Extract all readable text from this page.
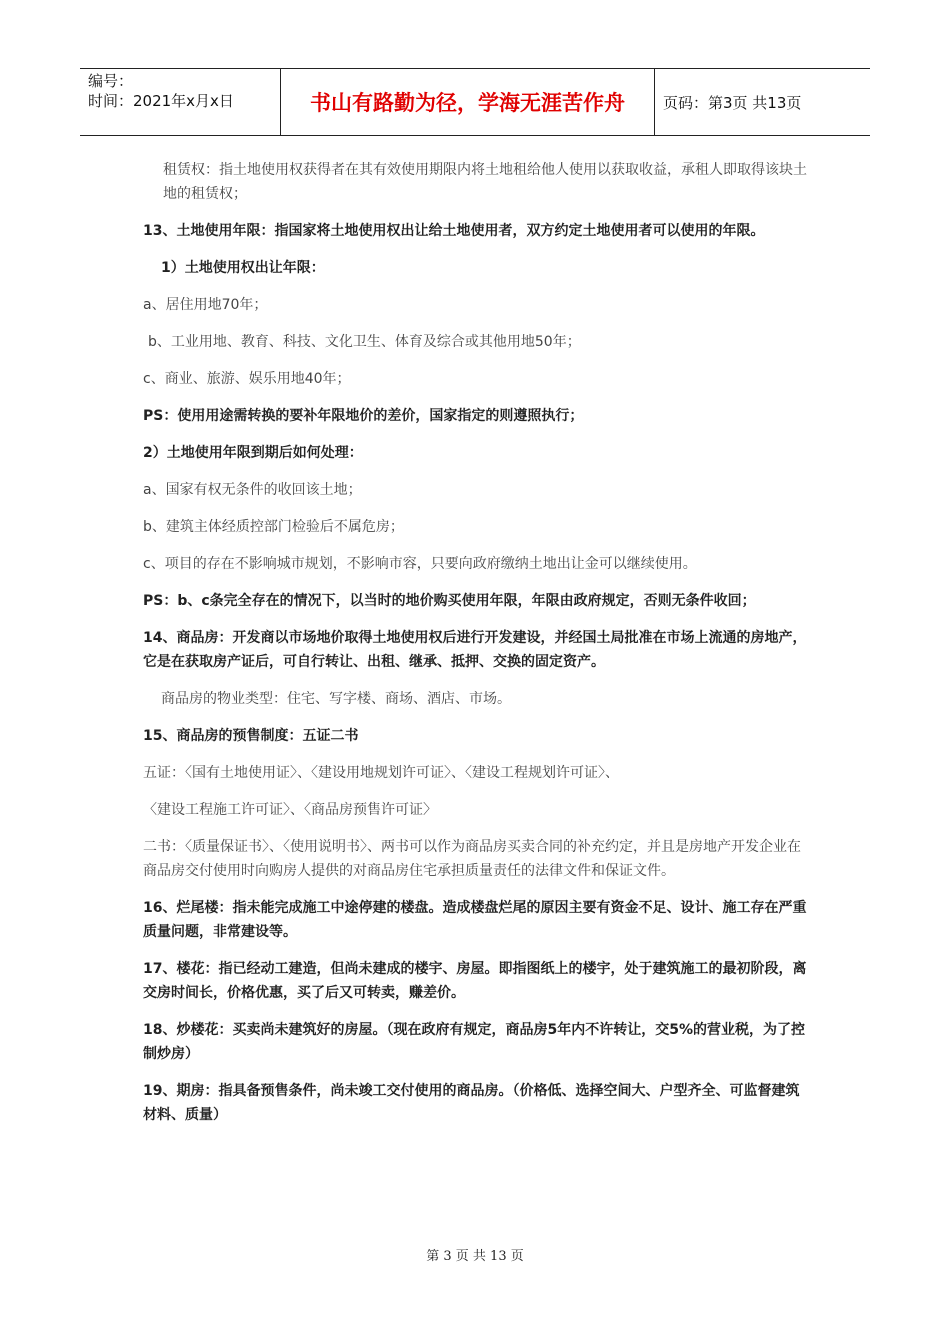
编号：
时间：2021年x月x日	书山有路勤为径，学海无涯苦作舟	页码：第3页 共13页

租赁权：指土地使用权获得者在其有效使用期限内将土地租给他人使用以获取收益，承租人即取得该块土地的租赁权；

13、土地使用年限：指国家将土地使用权出让给土地使用者，双方约定土地使用者可以使用的年限。

1）土地使用权出让年限：

a、居住用地70年；

b、工业用地、教育、科技、文化卫生、体育及综合或其他用地50年；

c、商业、旅游、娱乐用地40年；

PS：使用用途需转换的要补年限地价的差价，国家指定的则遵照执行；

2）土地使用年限到期后如何处理：

a、国家有权无条件的收回该土地；

b、建筑主体经质控部门检验后不属危房；

c、项目的存在不影响城市规划，不影响市容，只要向政府缴纳土地出让金可以继续使用。

PS：b、c条完全存在的情况下，以当时的地价购买使用年限，年限由政府规定，否则无条件收回；

14、商品房：开发商以市场地价取得土地使用权后进行开发建设，并经国土局批准在市场上流通的房地产，它是在获取房产证后，可自行转让、出租、继承、抵押、交换的固定资产。

商品房的物业类型：住宅、写字楼、商场、酒店、市场。

15、商品房的预售制度：五证二书

五证：〈国有土地使用证〉、〈建设用地规划许可证〉、〈建设工程规划许可证〉、

〈建设工程施工许可证〉、〈商品房预售许可证〉

二书：〈质量保证书〉、〈使用说明书〉、两书可以作为商品房买卖合同的补充约定，并且是房地产开发企业在商品房交付使用时向购房人提供的对商品房住宅承担质量责任的法律文件和保证文件。

16、烂尾楼：指未能完成施工中途停建的楼盘。造成楼盘烂尾的原因主要有资金不足、设计、施工存在严重质量问题，非常建设等。

17、楼花：指已经动工建造，但尚未建成的楼宇、房屋。即指图纸上的楼宇，处于建筑施工的最初阶段，离交房时间长，价格优惠，买了后又可转卖，赚差价。

18、炒楼花：买卖尚未建筑好的房屋。（现在政府有规定，商品房5年内不许转让，交5%的营业税，为了控制炒房）

19、期房：指具备预售条件，尚未竣工交付使用的商品房。（价格低、选择空间大、户型齐全、可监督建筑材料、质量）

第 3 页 共 13 页
